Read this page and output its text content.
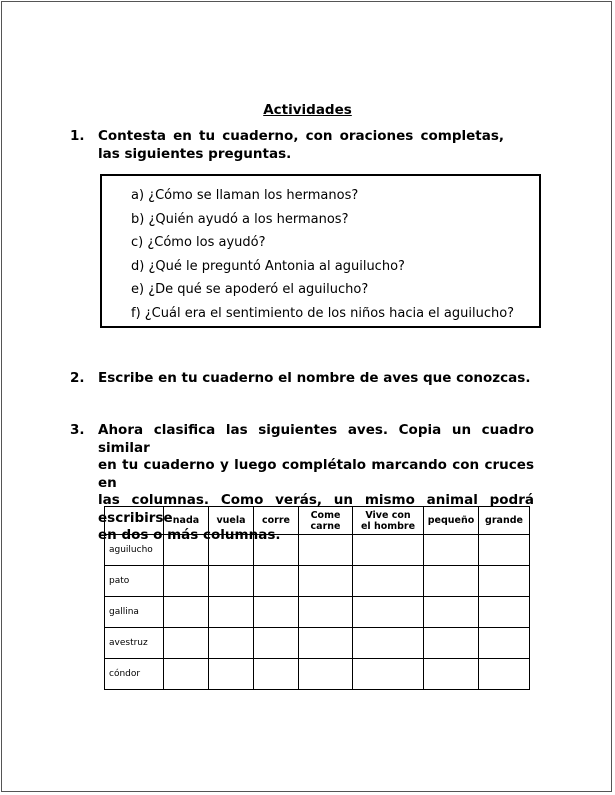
Actividades
1. Contesta en tu cuaderno, con oraciones completas,
las siguientes preguntas.
a) ¿Cómo se llaman los hermanos?
b) ¿Quién ayudó a los hermanos?
c) ¿Cómo los ayudó?
d) ¿Qué le preguntó Antonia al aguilucho?
e) ¿De qué se apoderó el aguilucho?
f) ¿Cuál era el sentimiento de los niños hacia el aguilucho?
2. Escribe en tu cuaderno el nombre de aves que conozcas.
3. Ahora clasifica las siguientes aves. Copia un cuadro similar
en tu cuaderno y luego complétalo marcando con cruces en
las columnas. Como verás, un mismo animal podrá escribirse
en dos o más columnas.
	nada	vuela	corre	Come carne	Vive con el hombre	pequeño	grande
aguilucho							
pato							
gallina							
avestruz							
cóndor							
